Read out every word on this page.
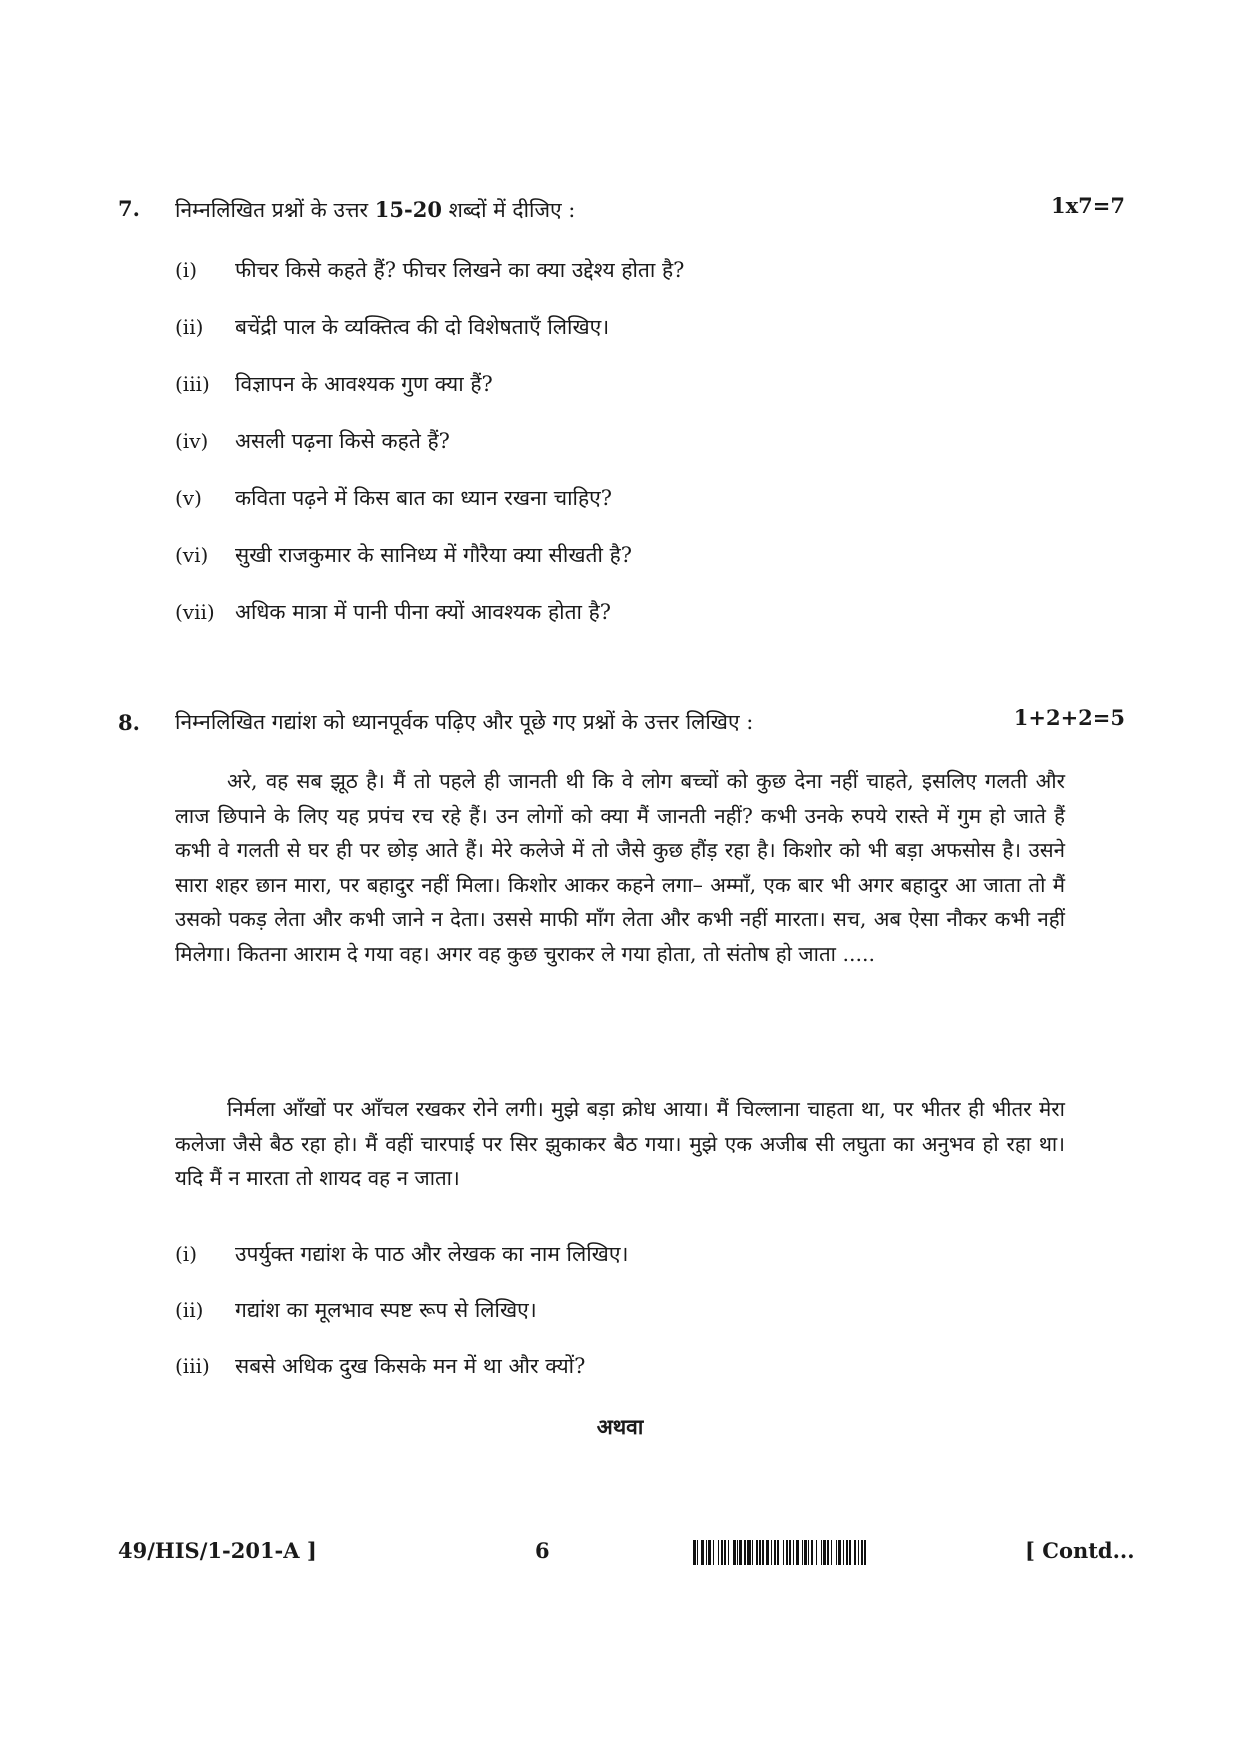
7. निम्नलिखित प्रश्नों के उत्तर 15-20 शब्दों में दीजिए :	1x7=7
(i)	फीचर किसे कहते हैं? फीचर लिखने का क्या उद्देश्य होता है?
(ii)	बचेंद्री पाल के व्यक्तित्व की दो विशेषताएँ लिखिए।
(iii)	विज्ञापन के आवश्यक गुण क्या हैं?
(iv)	असली पढ़ना किसे कहते हैं?
(v)	कविता पढ़ने में किस बात का ध्यान रखना चाहिए?
(vi)	सुखी राजकुमार के सानिध्य में गौरैया क्या सीखती है?
(vii) अधिक मात्रा में पानी पीना क्यों आवश्यक होता है?
8. निम्नलिखित गद्यांश को ध्यानपूर्वक पढ़िए और पूछे गए प्रश्नों के उत्तर लिखिए :	1+2+2=5
अरे, वह सब झूठ है। मैं तो पहले ही जानती थी कि वे लोग बच्चों को कुछ देना नहीं चाहते, इसलिए गलती और लाज छिपाने के लिए यह प्रपंच रच रहे हैं। उन लोगों को क्या मैं जानती नहीं? कभी उनके रुपये रास्ते में गुम हो जाते हैं कभी वे गलती से घर ही पर छोड़ आते हैं। मेरे कलेजे में तो जैसे कुछ हौंड़ रहा है। किशोर को भी बड़ा अफसोस है। उसने सारा शहर छान मारा, पर बहादुर नहीं मिला। किशोर आकर कहने लगा– अम्माँ, एक बार भी अगर बहादुर आ जाता तो मैं उसको पकड़ लेता और कभी जाने न देता। उससे माफी माँग लेता और कभी नहीं मारता। सच, अब ऐसा नौकर कभी नहीं मिलेगा। कितना आराम दे गया वह। अगर वह कुछ चुराकर ले गया होता, तो संतोष हो जाता .....
निर्मला आँखों पर आँचल रखकर रोने लगी। मुझे बड़ा क्रोध आया। मैं चिल्लाना चाहता था, पर भीतर ही भीतर मेरा कलेजा जैसे बैठ रहा हो। मैं वहीं चारपाई पर सिर झुकाकर बैठ गया। मुझे एक अजीब सी लघुता का अनुभव हो रहा था। यदि मैं न मारता तो शायद वह न जाता।
(i)	उपर्युक्त गद्यांश के पाठ और लेखक का नाम लिखिए।
(ii)	गद्यांश का मूलभाव स्पष्ट रूप से लिखिए।
(iii)	सबसे अधिक दुख किसके मन में था और क्यों?
अथवा
49/HIS/1-201-A ]	6	[ Contd...
